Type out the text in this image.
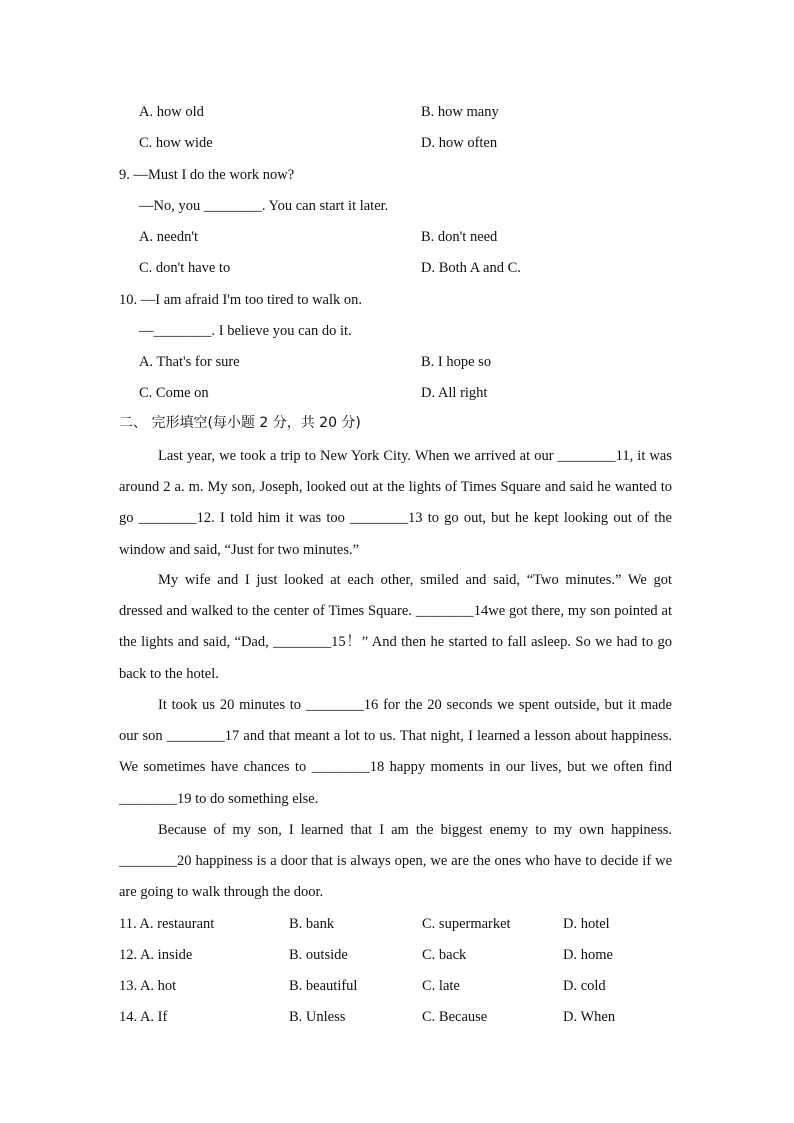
A. how old	B. how many
C. how wide	D. how often
9. —Must I do the work now?
—No, you ________. You can start it later.
A. needn't	B. don't need
C. don't have to	D. Both A and C.
10. —I am afraid I'm too tired to walk on.
—________. I believe you can do it.
A. That's for sure	B. I hope so
C. Come on	D. All right
二、 完形填空(每小题 2 分，共 20 分)

Last year, we took a trip to New York City. When we arrived at our ________11, it was around 2 a. m. My son, Joseph, looked out at the lights of Times Square and said he wanted to go ________12. I told him it was too ________13 to go out, but he kept looking out of the window and said, “Just for two minutes.”

My wife and I just looked at each other, smiled and said, “Two minutes.” We got dressed and walked to the center of Times Square. ________14we got there, my son pointed at the lights and said, “Dad, ________15！” And then he started to fall asleep. So we had to go back to the hotel.

It took us 20 minutes to ________16 for the 20 seconds we spent outside, but it made our son ________17 and that meant a lot to us. That night, I learned a lesson about happiness. We sometimes have chances to ________18 happy moments in our lives, but we often find ________19 to do something else.

Because of my son, I learned that I am the biggest enemy to my own happiness. ________20 happiness is a door that is always open, we are the ones who have to decide if we are going to walk through the door.

11. A. restaurant	B. bank	C. supermarket	D. hotel
12. A. inside	B. outside	C. back	D. home
13. A. hot	B. beautiful	C. late	D. cold
14. A. If	B. Unless	C. Because	D. When
